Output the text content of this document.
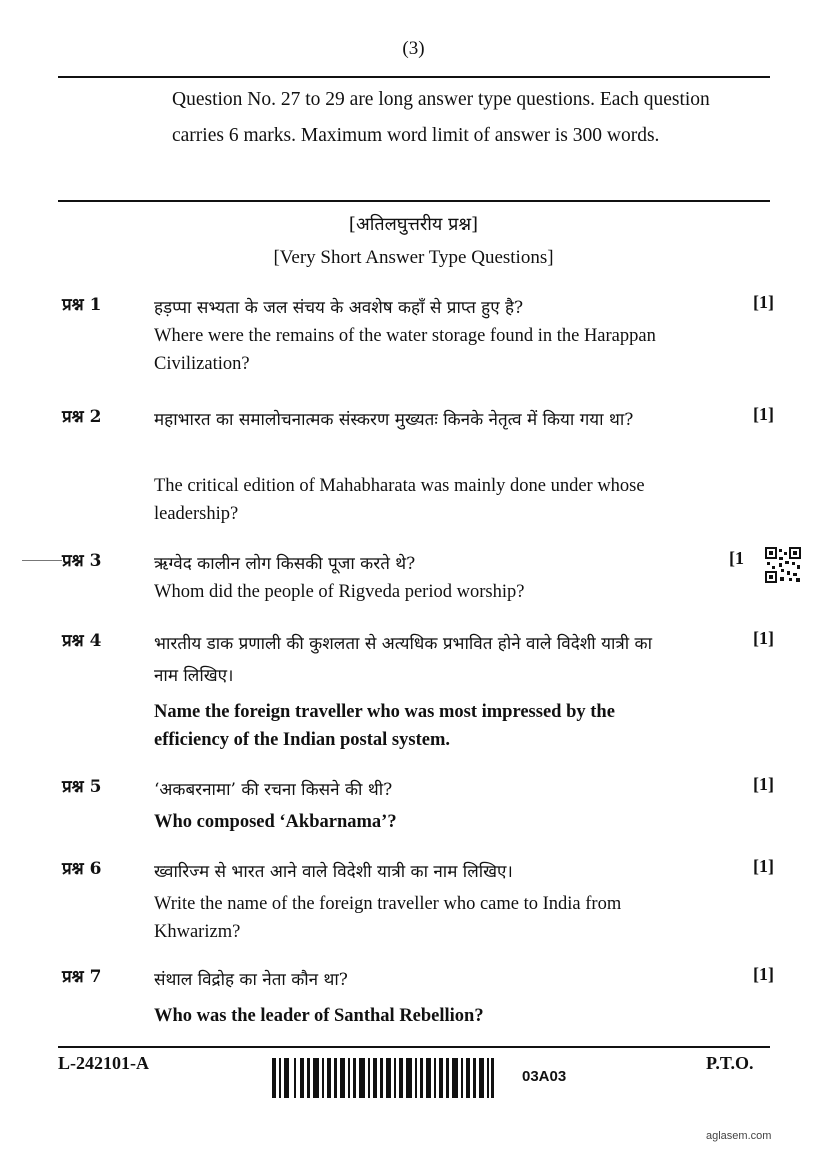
(3)
Question No. 27 to 29 are long answer type questions. Each question carries 6 marks. Maximum word limit of answer is 300 words.
[अतिलघुत्तरीय प्रश्न]
[Very Short Answer Type Questions]
प्रश्न 1	हड़प्पा सभ्यता के जल संचय के अवशेष कहाँ से प्राप्त हुए है?
Where were the remains of the water storage found in the Harappan Civilization?
[1]
प्रश्न 2	महाभारत का समालोचनात्मक संस्करण मुख्यतः किनके नेतृत्व में किया गया था?
The critical edition of Mahabharata was mainly done under whose leadership?
[1]
प्रश्न 3	ऋग्वेद कालीन लोग किसकी पूजा करते थे?
Whom did the people of Rigveda period worship?
[1
प्रश्न 4	भारतीय डाक प्रणाली की कुशलता से अत्यधिक प्रभावित होने वाले विदेशी यात्री का नाम लिखिए।
Name the foreign traveller who was most impressed by the efficiency of the Indian postal system.
[1]
प्रश्न 5	‘अकबरनामा’ की रचना किसने की थी?
Who composed ‘Akbarnama’?
[1]
प्रश्न 6	ख्वारिज्म से भारत आने वाले विदेशी यात्री का नाम लिखिए।
Write the name of the foreign traveller who came to India from Khwarizm?
[1]
प्रश्न 7	संथाल विद्रोह का नेता कौन था?
Who was the leader of Santhal Rebellion?
[1]
L-242101-A
03A03
P.T.O.
aglasem.com
